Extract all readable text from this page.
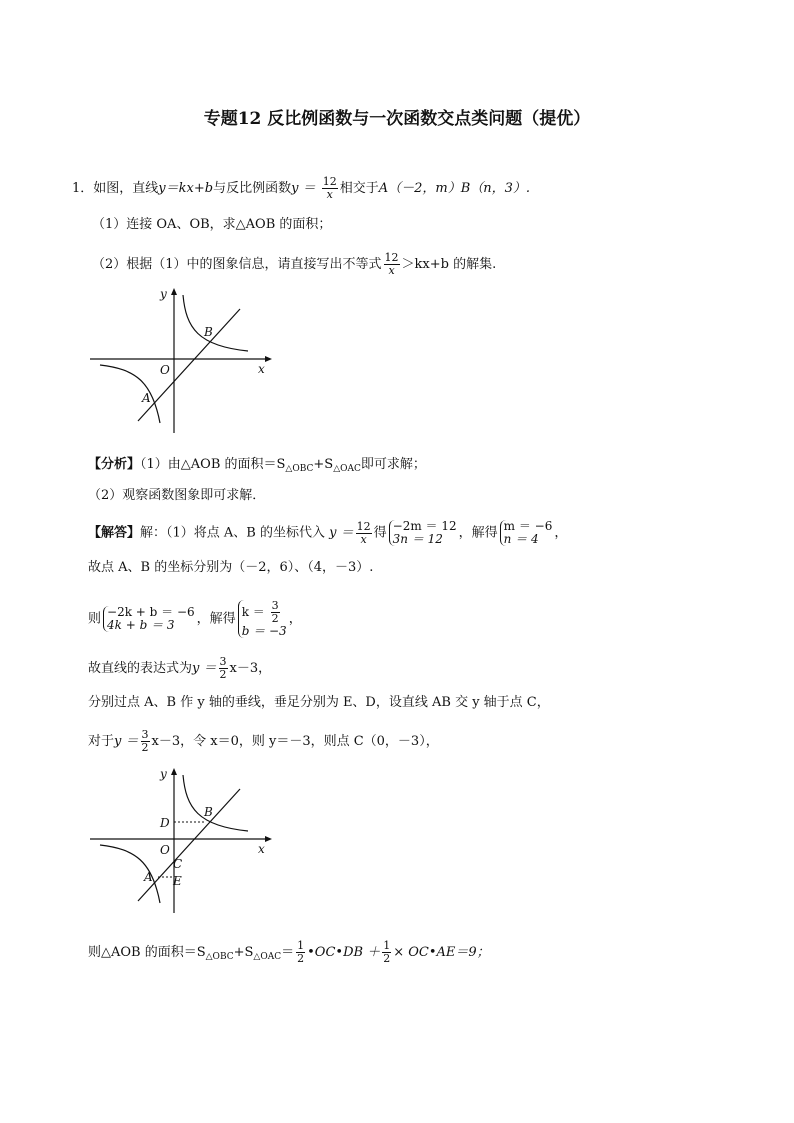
专题12 反比例函数与一次函数交点类问题（提优）
1．如图，直线y＝kx+b与反比例函数$y = \frac{12}{x}$ 相交于A（－2，m）B（n，3）.
（1）连接 OA、OB，求△AOB 的面积；
（2）根据（1）中的图象信息，请直接写出不等式 $\frac{12}{x} >kx+b$ 的解集.
y
x
O
B
A
【分析】（1）由△AOB 的面积$=S_{\triangle OBC}+S_{\triangle OAC}$即可求解；
（2）观察函数图象即可求解．
【解答】解：（1）将点 A、B 的坐标代入 $y = \frac{12}{x}$ 得 −2m ＝ 12
3n ＝ 12	，解得 m ＝ −6
n ＝ 4	，
故点 A、B 的坐标分别为（－2，6）、（4，－3）.
则 −2k + b ＝ −6
4k + b ＝ 3	，解得 $k = \frac{3}{2}$
b ＝ −3
，
故直线的表达式为$y = \frac{3}{2} x-3$，
分别过点 A、B 作 y 轴的垂线，垂足分别为 E、D，设直线 AB 交 y 轴于点 C，
对于$y = \frac{3}{2} x-3$，令 x＝0，则 y＝－3，则点 C（0，－3），
y
x
O
B
D
C
A E
则△AOB 的面积$=S_{\triangle OBC}+S_{\triangle OAC}= \frac{1}{2}$ •OC•DB ＋ $\frac{1}{2}$ × OC•AE＝9；
